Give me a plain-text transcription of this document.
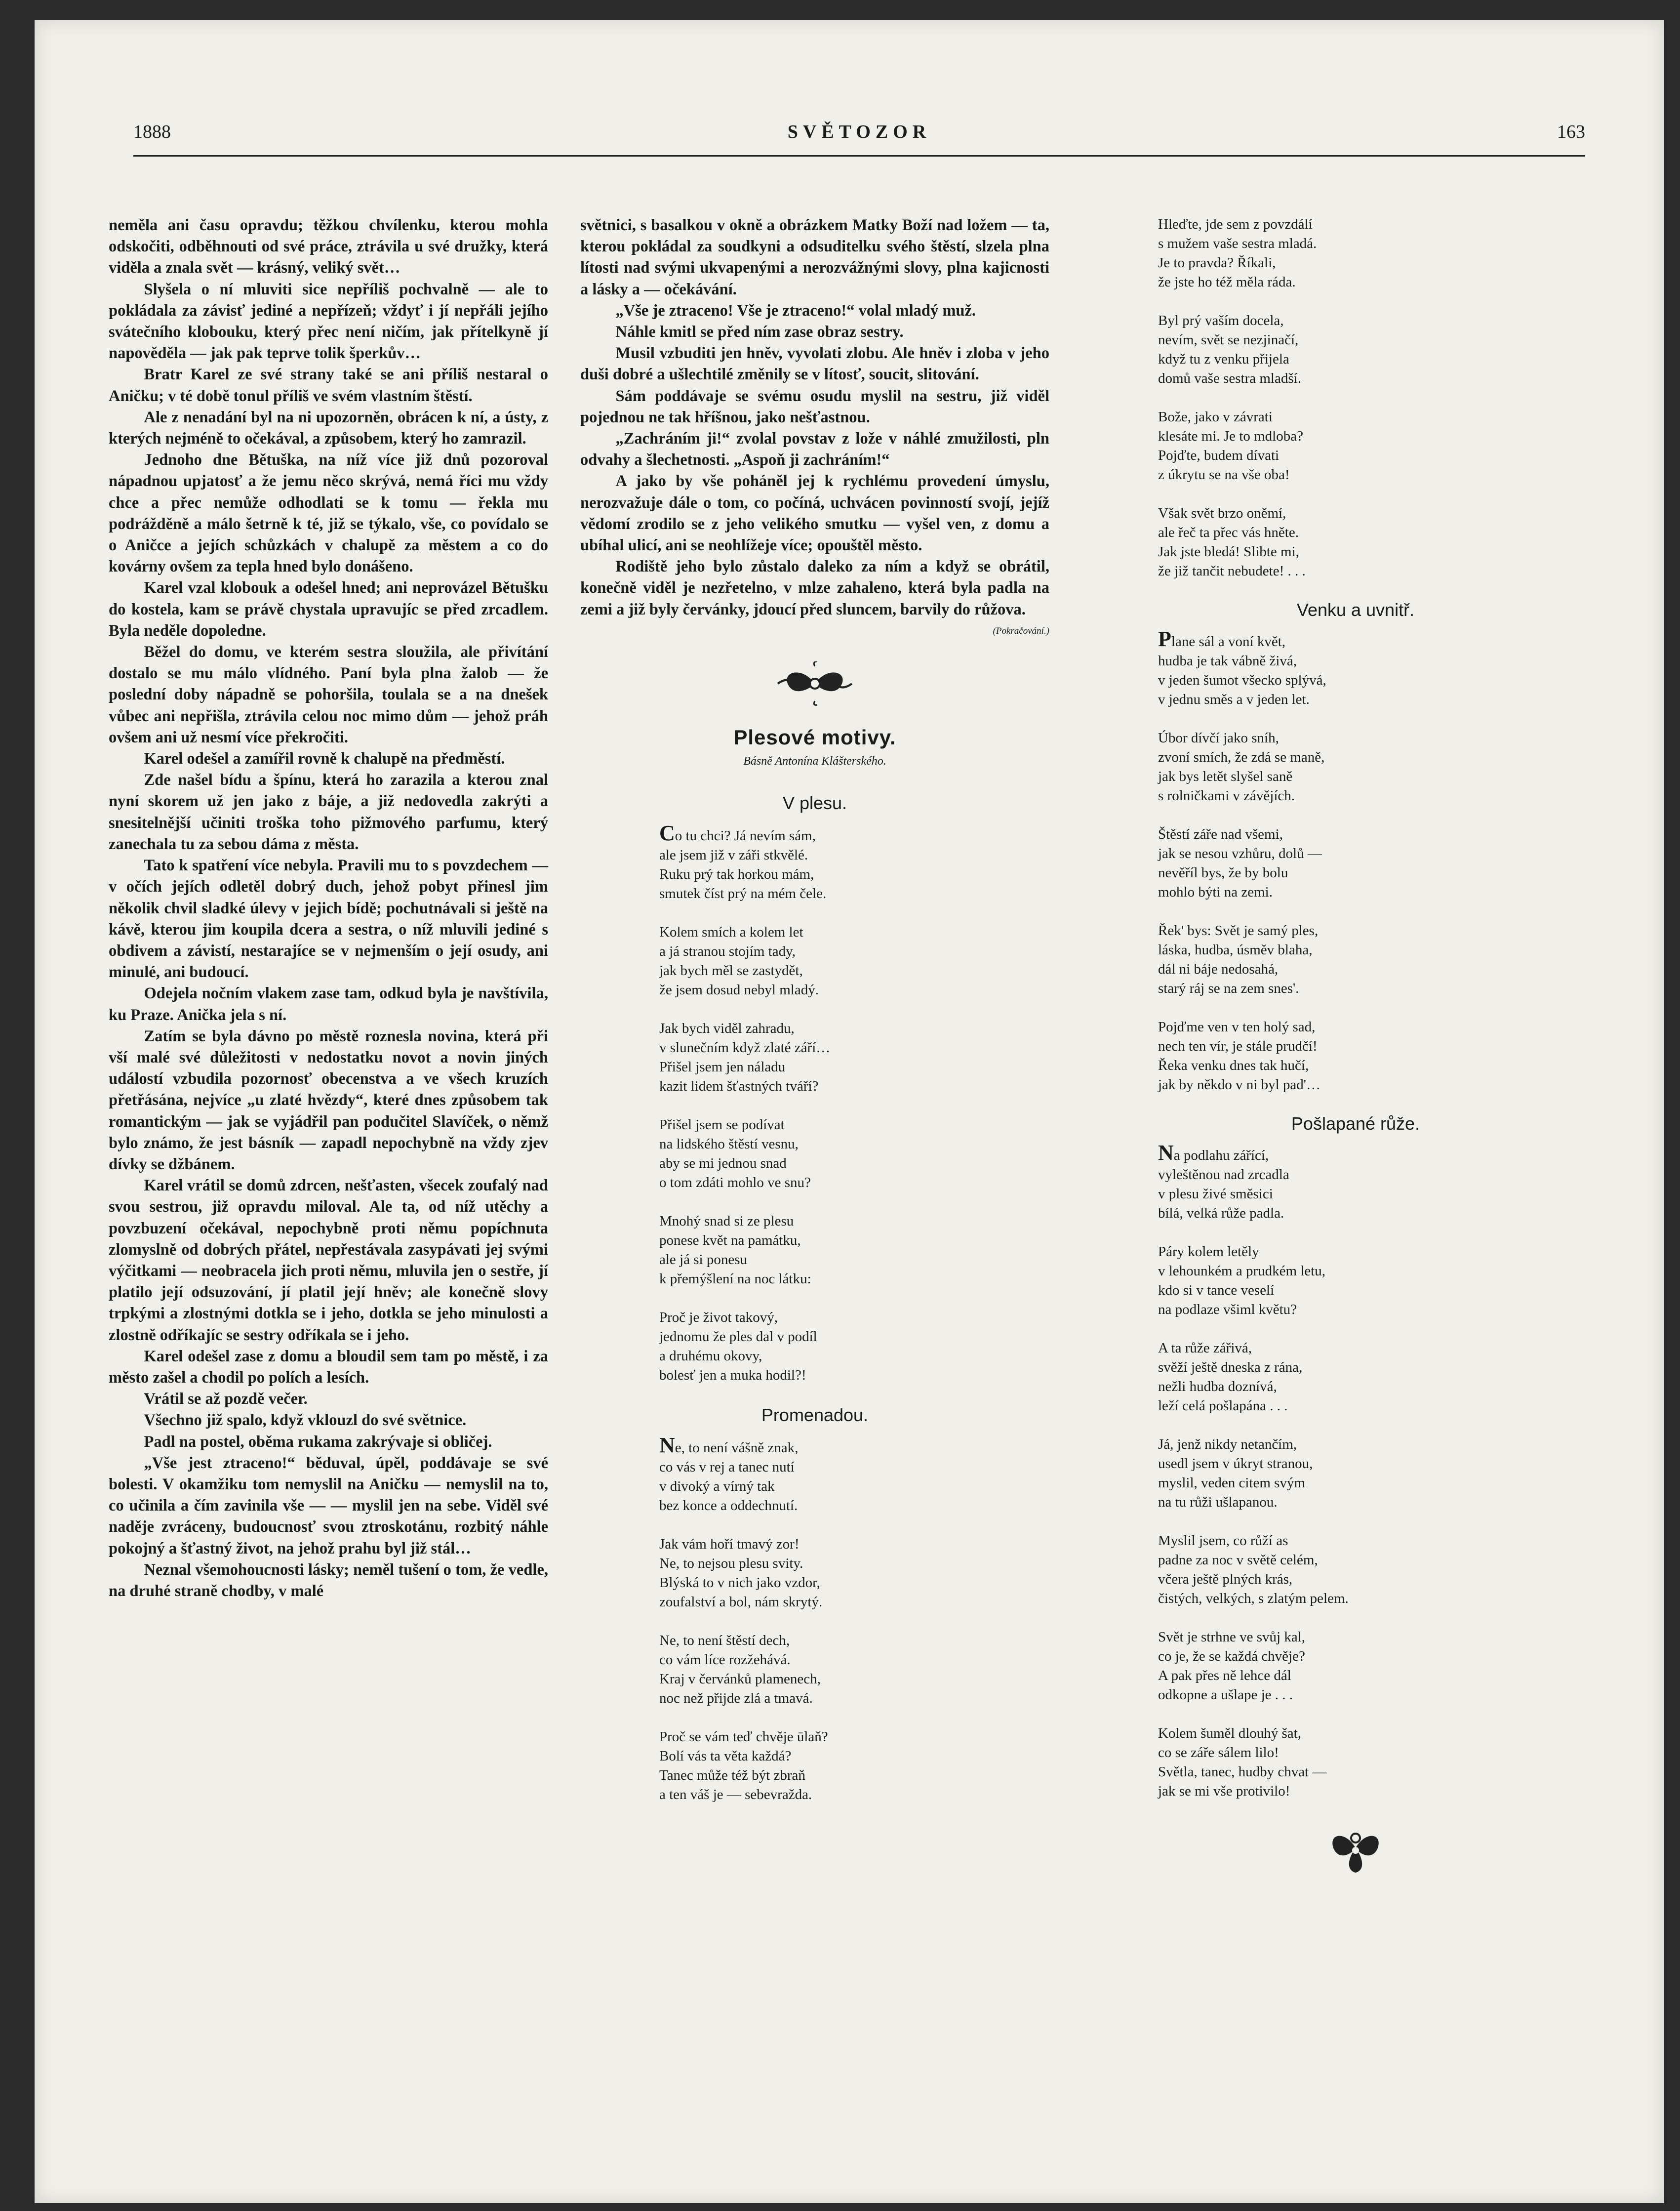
1888	SVĚTOZOR	163

neměla ani času opravdu; těžkou chvílenku, kterou mohla odskočiti, odběhnouti od své práce, ztrávila u své družky, která viděla a znala svět — krásný, veliký svět…

Slyšela o ní mluviti sice nepříliš pochvalně — ale to pokládala za závisť jediné a nepřízeň; vždyť i jí nepřáli jejího svátečního klobouku, který přec není ničím, jak přítelkyně jí napověděla — jak pak teprve tolik šperkův…

Bratr Karel ze své strany také se ani příliš nestaral o Aničku; v té době tonul příliš ve svém vlastním štěstí.

Ale z nenadání byl na ni upozorněn, obrácen k ní, a ústy, z kterých nejméně to očekával, a způsobem, který ho zamrazil.

Jednoho dne Bětuška, na níž více již dnů pozoroval nápadnou upjatosť a že jemu něco skrývá, nemá říci mu vždy chce a přec nemůže odhodlati se k tomu — řekla mu podrážděně a málo šetrně k té, již se týkalo, vše, co povídalo se o Aničce a jejích schůzkách v chalupě za městem a co do kovárny ovšem za tepla hned bylo donášeno.

Karel vzal klobouk a odešel hned; ani neprovázel Bětušku do kostela, kam se právě chystala upravujíc se před zrcadlem. Byla neděle dopoledne.

Běžel do domu, ve kterém sestra sloužila, ale přivítání dostalo se mu málo vlídného. Paní byla plna žalob — že poslední doby nápadně se pohoršila, toulala se a na dnešek vůbec ani nepřišla, ztrávila celou noc mimo dům — jehož práh ovšem ani už nesmí více překročiti.

Karel odešel a zamířil rovně k chalupě na předměstí.

Zde našel bídu a špínu, která ho zarazila a kterou znal nyní skorem už jen jako z báje, a již nedovedla zakrýti a snesitelnější učiniti troška toho pižmového parfumu, který zanechala tu za sebou dáma z města.

Tato k spatření více nebyla. Pravili mu to s povzdechem — v očích jejích odletěl dobrý duch, jehož pobyt přinesl jim několik chvil sladké úlevy v jejich bídě; pochutnávali si ještě na kávě, kterou jim koupila dcera a sestra, o níž mluvili jediné s obdivem a závistí, nestarajíce se v nejmenším o její osudy, ani minulé, ani budoucí.

Odejela nočním vlakem zase tam, odkud byla je navštívila, ku Praze. Anička jela s ní.

Zatím se byla dávno po městě roznesla novina, která při vší malé své důležitosti v nedostatku novot a novin jiných událostí vzbudila pozornosť obecenstva a ve všech kruzích přetřásána, nejvíce „u zlaté hvězdy“, které dnes způsobem tak romantickým — jak se vyjádřil pan podučitel Slavíček, o němž bylo známo, že jest básník — zapadl nepochybně na vždy zjev dívky se džbánem.

Karel vrátil se domů zdrcen, nešťasten, všecek zoufalý nad svou sestrou, již opravdu miloval. Ale ta, od níž utěchy a povzbuzení očekával, nepochybně proti němu popíchnuta zlomyslně od dobrých přátel, nepřestávala zasypávati jej svými výčitkami — neobracela jich proti němu, mluvila jen o sestře, jí platilo její odsuzování, jí platil její hněv; ale konečně slovy trpkými a zlostnými dotkla se i jeho, dotkla se jeho minulosti a zlostně odříkajíc se sestry odříkala se i jeho.

Karel odešel zase z domu a bloudil sem tam po městě, i za město zašel a chodil po polích a lesích.

Vrátil se až pozdě večer.

Všechno již spalo, když vklouzl do své světnice.

Padl na postel, oběma rukama zakrývaje si obličej.

„Vše jest ztraceno!“ běduval, úpěl, poddávaje se své bolesti. V okamžiku tom nemyslil na Aničku — nemyslil na to, co učinila a čím zavinila vše — — myslil jen na sebe. Viděl své naděje zvráceny, budoucnosť svou ztroskotánu, rozbitý náhle pokojný a šťastný život, na jehož prahu byl již stál…

Neznal všemohoucnosti lásky; neměl tušení o tom, že vedle, na druhé straně chodby, v malé

světnici, s basalkou v okně a obrázkem Matky Boží nad ložem — ta, kterou pokládal za soudkyni a odsuditelku svého štěstí, slzela plna lítosti nad svými ukvapenými a nerozvážnými slovy, plna kajicnosti a lásky a — očekávání.

„Vše je ztraceno! Vše je ztraceno!“ volal mladý muž.

Náhle kmitl se před ním zase obraz sestry.

Musil vzbuditi jen hněv, vyvolati zlobu. Ale hněv i zloba v jeho duši dobré a ušlechtilé změnily se v lítosť, soucit, slitování.

Sám poddávaje se svému osudu myslil na sestru, již viděl pojednou ne tak hříšnou, jako nešťastnou.

„Zachráním ji!“ zvolal povstav z lože v náhlé zmužilosti, pln odvahy a šlechetnosti. „Aspoň ji zachráním!“

A jako by vše poháněl jej k rychlému provedení úmyslu, nerozvažuje dále o tom, co počíná, uchvácen povinností svojí, jejíž vědomí zrodilo se z jeho velikého smutku — vyšel ven, z domu a ubíhal ulicí, ani se neohlížeje více; opouštěl město.

Rodiště jeho bylo zůstalo daleko za ním a když se obrátil, konečně viděl je nezřetelno, v mlze zahaleno, která byla padla na zemi a již byly červánky, jdoucí před sluncem, barvily do růžova.

(Pokračování.)
Plesové motivy.
Básně Antonína Klášterského.
V plesu.
Co tu chci? Já nevím sám,
ale jsem již v záři stkvělé.
Ruku prý tak horkou mám,
smutek číst prý na mém čele.
Kolem smích a kolem let
a já stranou stojím tady,
jak bych měl se zastydět,
že jsem dosud nebyl mladý.
Jak bych viděl zahradu,
v slunečním když zlaté září…
Přišel jsem jen náladu
kazit lidem šťastných tváří?
Přišel jsem se podívat
na lidského štěstí vesnu,
aby se mi jednou snad
o tom zdáti mohlo ve snu?
Mnohý snad si ze plesu
ponese květ na památku,
ale já si ponesu
k přemýšlení na noc látku:
Proč je život takový,
jednomu že ples dal v podíl
a druhému okovy,
bolesť jen a muka hodil?!
Promenadou.
Ne, to není vášně znak,
co vás v rej a tanec nutí
v divoký a vírný tak
bez konce a oddechnutí.
Jak vám hoří tmavý zor!
Ne, to nejsou plesu svity.
Blýská to v nich jako vzdor,
zoufalství a bol, nám skrytý.
Ne, to není štěstí dech,
co vám líce rozžehává.
Kraj v červánků plamenech,
noc než přijde zlá a tmavá.
Proč se vám teď chvěje ūlaň?
Bolí vás ta věta každá?
Tanec může též být zbraň
a ten váš je — sebevražda.
Hleďte, jde sem z povzdálí
s mužem vaše sestra mladá.
Je to pravda? Říkali,
že jste ho též měla ráda.
Byl prý vaším docela,
nevím, svět se nezjinačí,
když tu z venku přijela
domů vaše sestra mladší.
Bože, jako v závrati
klesáte mi. Je to mdloba?
Pojďte, budem dívati
z úkrytu se na vše oba!
Však svět brzo oněmí,
ale řeč ta přec vás hněte.
Jak jste bledá! Slibte mi,
že již tančit nebudete! . . .
Venku a uvnitř.
Plane sál a voní květ,
hudba je tak vábně živá,
v jeden šumot všecko splývá,
v jednu směs a v jeden let.
Úbor dívčí jako sníh,
zvoní smích, že zdá se maně,
jak bys letět slyšel saně
s rolničkami v závějích.
Štěstí záře nad všemi,
jak se nesou vzhůru, dolů —
nevěříl bys, že by bolu
mohlo býti na zemi.
Řek' bys: Svět je samý ples,
láska, hudba, úsměv blaha,
dál ni báje nedosahá,
starý ráj se na zem snes'.
Pojďme ven v ten holý sad,
nech ten vír, je stále prudčí!
Řeka venku dnes tak hučí,
jak by někdo v ni byl pad'…
Pošlapané růže.
Na podlahu zářící,
vyleštěnou nad zrcadla
v plesu živé směsici
bílá, velká růže padla.
Páry kolem letěly
v lehounkém a prudkém letu,
kdo si v tance veselí
na podlaze všiml květu?
A ta růže zářivá,
svěží ještě dneska z rána,
nežli hudba doznívá,
leží celá pošlapána . . .
Já, jenž nikdy netančím,
usedl jsem v úkryt stranou,
myslil, veden citem svým
na tu růži ušlapanou.
Myslil jsem, co růží as
padne za noc v světě celém,
včera ještě plných krás,
čistých, velkých, s zlatým pelem.
Svět je strhne ve svůj kal,
co je, že se každá chvěje?
A pak přes ně lehce dál
odkopne a ušlape je . . .
Kolem šuměl dlouhý šat,
co se záře sálem lilo!
Světla, tanec, hudby chvat —
jak se mi vše protivilo!
